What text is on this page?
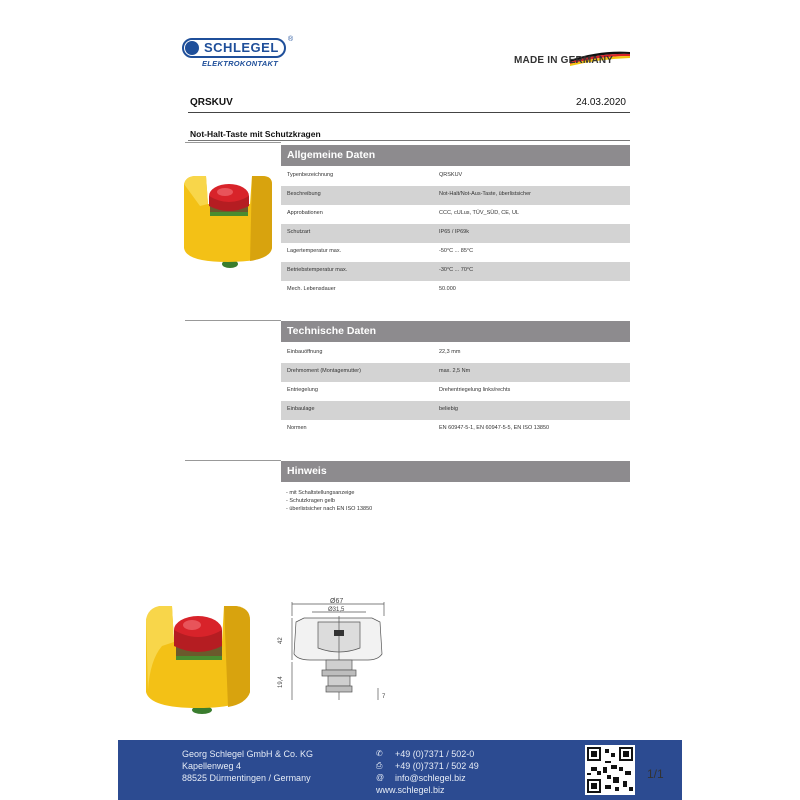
SCHLEGEL
®
ELEKTROKONTAKT	MADE IN GERMANY
QRSKUV	24.03.2020
Not-Halt-Taste mit Schutzkragen
Allgemeine Daten
Typenbezeichnung	QRSKUV
Beschreibung	Not-Halt/Not-Aus-Taste, überlistsicher
Approbationen	CCC, cULus, TÜV_SÜD, CE, UL
Schutzart	IP65 / IP69k
Lagertemperatur max.	-50°C ... 85°C
Betriebstemperatur max.	-30°C ... 70°C
Mech. Lebensdauer	50.000
Technische Daten
Einbauöffnung	22,3 mm
Drehmoment (Montagemutter)	max. 2,5 Nm
Entriegelung	Drehentriegelung links/rechts
Einbaulage	beliebig
Normen	EN 60947-5-1, EN 60947-5-5, EN ISO 13850
Hinweis
- mit Schaltstellungsanzeige
- Schutzkragen gelb
- überlistsicher nach EN ISO 13850
Ø67
Ø31,5
42
19,4
7
Georg Schlegel GmbH & Co. KG
Kapellenweg 4
88525 Dürmentingen / Germany
✆
⎙
@
+49 (0)7371 / 502-0
+49 (0)7371 / 502 49
info@schlegel.biz
www.schlegel.biz
1/1
